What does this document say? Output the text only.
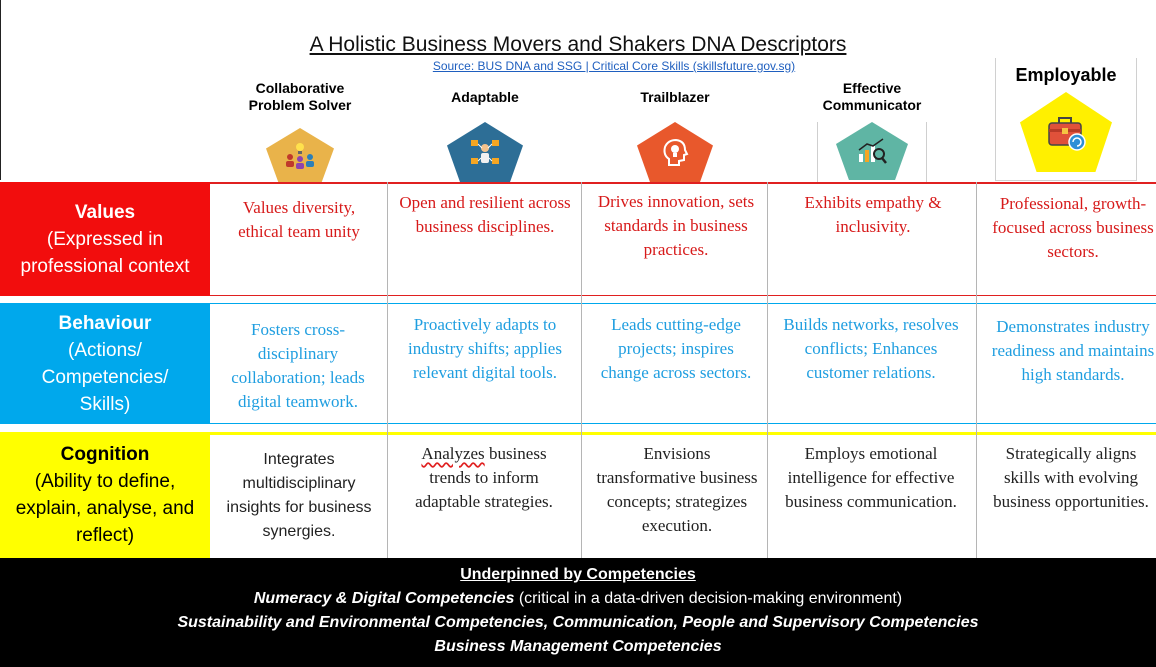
A Holistic Business Movers and Shakers DNA Descriptors
Source: BUS DNA and SSG | Critical Core Skills (skillsfuture.gov.sg)
Collaborative Problem Solver
Adaptable	Trailblazer
Effective Communicator
Employable
Values
(Expressed in professional context
Behaviour
(Actions/ Competencies/ Skills)
Cognition
(Ability to define, explain, analyse, and reflect)
Values diversity, ethical team unity
Open and resilient across business disciplines.
Drives innovation, sets standards in business practices.
Exhibits empathy & inclusivity.
Professional, growth-focused across business sectors.
Fosters cross-disciplinary collaboration; leads digital teamwork.
Proactively adapts to industry shifts; applies relevant digital tools.
Leads cutting-edge projects; inspires change across sectors.
Builds networks, resolves conflicts; Enhances customer relations.
Demonstrates industry readiness and maintains high standards.
Integrates multidisciplinary insights for business synergies.
Analyzes business trends to inform adaptable strategies.
Envisions transformative business concepts; strategizes execution.
Employs emotional intelligence for effective business communication.
Strategically aligns skills with evolving business opportunities.
Underpinned by Competencies
Numeracy & Digital Competencies (critical in a data-driven decision-making environment)
Sustainability and Environmental Competencies, Communication, People and Supervisory Competencies
Business Management Competencies
